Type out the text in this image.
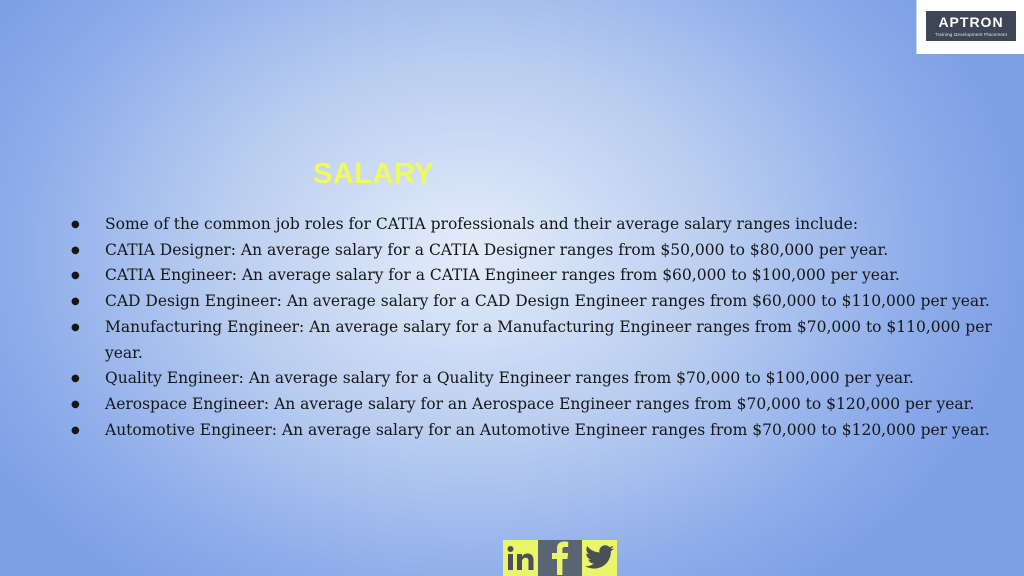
APTRON
Training Development Placement
SALARY
● Some of the common job roles for CATIA professionals and their average salary ranges include:
● CATIA Designer: An average salary for a CATIA Designer ranges from $50,000 to $80,000 per year.
● CATIA Engineer: An average salary for a CATIA Engineer ranges from $60,000 to $100,000 per year.
● CAD Design Engineer: An average salary for a CAD Design Engineer ranges from $60,000 to $110,000 per year.
● Manufacturing Engineer: An average salary for a Manufacturing Engineer ranges from $70,000 to $110,000 per year.
● Quality Engineer: An average salary for a Quality Engineer ranges from $70,000 to $100,000 per year.
● Aerospace Engineer: An average salary for an Aerospace Engineer ranges from $70,000 to $120,000 per year.
● Automotive Engineer: An average salary for an Automotive Engineer ranges from $70,000 to $120,000 per year.
